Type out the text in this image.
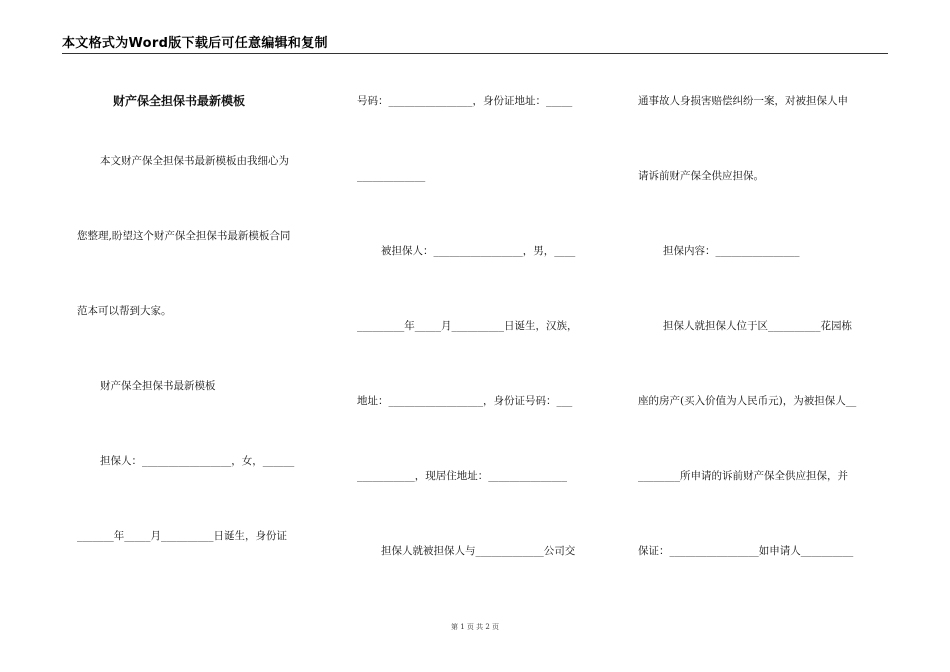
本文格式为Word版下载后可任意编辑和复制
财产保全担保书最新模板
本文财产保全担保书最新模板由我细心为
您整理,盼望这个财产保全担保书最新模板合同
范本可以帮到大家。
财产保全担保书最新模板
担保人：_________________，女，______
_______年_____月__________日诞生，身份证
号码：________________，身份证地址：_____
_____________
被担保人：_________________，男，____
_________年_____月__________日诞生，汉族，
地址：__________________，身份证号码：___
___________，现居住地址：_______________
担保人就被担保人与_____________公司交
通事故人身损害赔偿纠纷一案，对被担保人申
请诉前财产保全供应担保。
担保内容：________________
担保人就担保人位于区__________花园栋
座的房产(买入价值为人民币元)，为被担保人__
________所申请的诉前财产保全供应担保，并
保证：_________________如申请人__________
第 1 页 共 2 页
